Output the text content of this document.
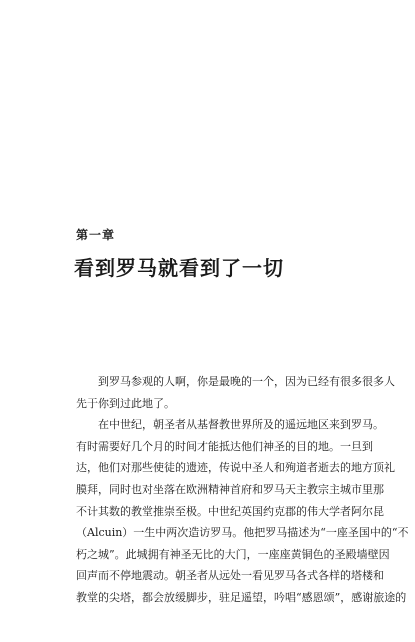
第一章
看到罗马就看到了一切
到罗马参观的人啊，你是最晚的一个，因为已经有很多很多人
先于你到过此地了。
在中世纪，朝圣者从基督教世界所及的遥远地区来到罗马。
有时需要好几个月的时间才能抵达他们神圣的目的地。一旦到
达，他们对那些使徒的遗迹，传说中圣人和殉道者逝去的地方顶礼
膜拜，同时也对坐落在欧洲精神首府和罗马天主教宗主城市里那
不计其数的教堂推崇至极。中世纪英国约克郡的伟大学者阿尔昆
（Alcuin）一生中两次造访罗马。他把罗马描述为“一座圣国中的“不
朽之城”。此城拥有神圣无比的大门，一座座黄铜色的圣殿墙壁因
回声而不停地震动。朝圣者从远处一看见罗马各式各样的塔楼和
教堂的尖塔，都会放缓脚步，驻足遥望，吟唱“感恩颂”，感谢旅途的
